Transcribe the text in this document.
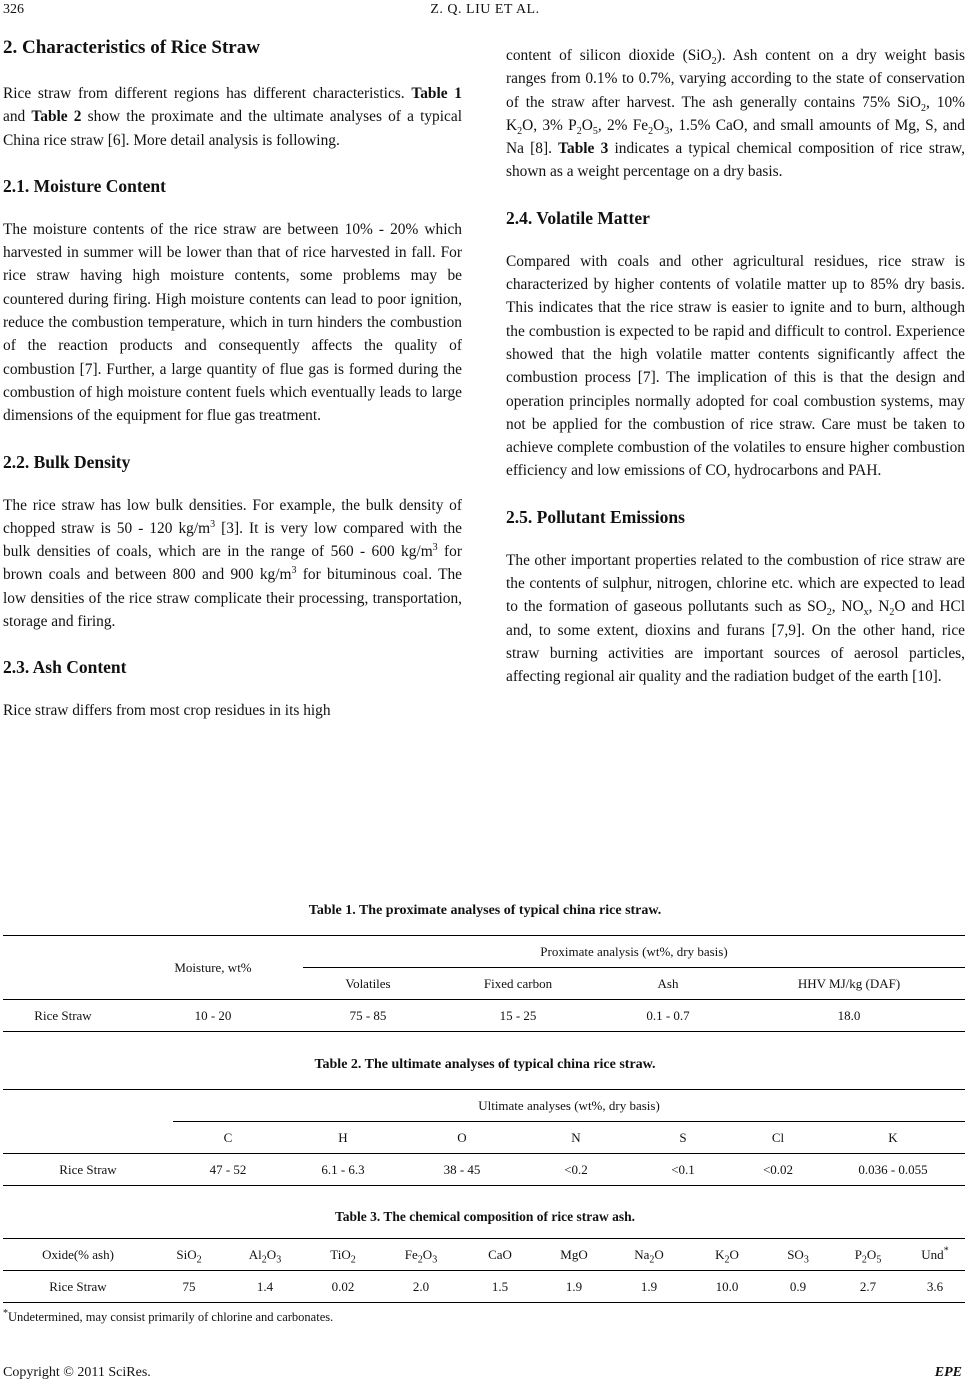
326	Z. Q. LIU ET AL.
2. Characteristics of Rice Straw

Rice straw from different regions has different characteristics. Table 1 and Table 2 show the proximate and the ultimate analyses of a typical China rice straw [6]. More detail analysis is following.

2.1. Moisture Content

The moisture contents of the rice straw are between 10% - 20% which harvested in summer will be lower than that of rice harvested in fall. For rice straw having high moisture contents, some problems may be countered during firing. High moisture contents can lead to poor ignition, reduce the combustion temperature, which in turn hinders the combustion of the reaction products and consequently affects the quality of combustion [7]. Further, a large quantity of flue gas is formed during the combustion of high moisture content fuels which eventually leads to large dimensions of the equipment for flue gas treatment.

2.2. Bulk Density

The rice straw has low bulk densities. For example, the bulk density of chopped straw is 50 - 120 $kg/m^3$ [3]. It is very low compared with the bulk densities of coals, which are in the range of 560 - 600 $kg/m^3$ for brown coals and between 800 and 900 $kg/m^3$ for bituminous coal. The low densities of the rice straw complicate their processing, transportation, storage and firing.

2.3. Ash Content

Rice straw differs from most crop residues in its high

content of silicon dioxide (SiO$_2$). Ash content on a dry weight basis ranges from 0.1% to 0.7%, varying according to the state of conservation of the straw after harvest. The ash generally contains 75% SiO$_2$, 10% $K_2O$, 3% $P_2O_5$, 2% $Fe_2O_3$, 1.5% CaO, and small amounts of Mg, S, and Na [8]. Table 3 indicates a typical chemical composition of rice straw, shown as a weight percentage on a dry basis.

2.4. Volatile Matter

Compared with coals and other agricultural residues, rice straw is characterized by higher contents of volatile matter up to 85% dry basis. This indicates that the rice straw is easier to ignite and to burn, although the combustion is expected to be rapid and difficult to control. Experience showed that the high volatile matter contents significantly affect the combustion process [7]. The implication of this is that the design and operation principles normally adopted for coal combustion systems, may not be applied for the combustion of rice straw. Care must be taken to achieve complete combustion of the volatiles to ensure higher combustion efficiency and low emissions of CO, hydrocarbons and PAH.

2.5. Pollutant Emissions

The other important properties related to the combustion of rice straw are the contents of sulphur, nitrogen, chlorine etc. which are expected to lead to the formation of gaseous pollutants such as $SO_2$, $NO_x$, $N_2O$ and HCl and, to some extent, dioxins and furans [7,9]. On the other hand, rice straw burning activities are important sources of aerosol particles, affecting regional air quality and the radiation budget of the earth [10].

Table 1. The proximate analyses of typical china rice straw.
	Moisture, wt%	Proximate analysis (wt%, dry basis)			
		Volatiles	Fixed carbon	Ash	HHV MJ/kg (DAF)
Rice Straw	10 - 20	75 - 85	15 - 25	0.1 - 0.7	18.0
Table 2. The ultimate analyses of typical china rice straw.
	Ultimate analyses (wt%, dry basis)						
	C	H	O	N	S	Cl	K
Rice Straw	47 - 52	6.1 - 6.3	38 - 45	<0.2	<0.1	<0.02	0.036 - 0.055
Table 3. The chemical composition of rice straw ash.
Oxide(% ash)	SiO$_2$	$Al_2O_3$	TiO$_2$	$Fe_2O_3$	CaO	MgO	$Na_2O$	$K_2O$	$SO_3$	$P_2O_5$	Und*
Rice Straw	75	1.4	0.02	2.0	1.5	1.9	1.9	10.0	0.9	2.7	3.6
*Undetermined, may consist primarily of chlorine and carbonates.
Copyright © 2011 SciRes.	EPE
